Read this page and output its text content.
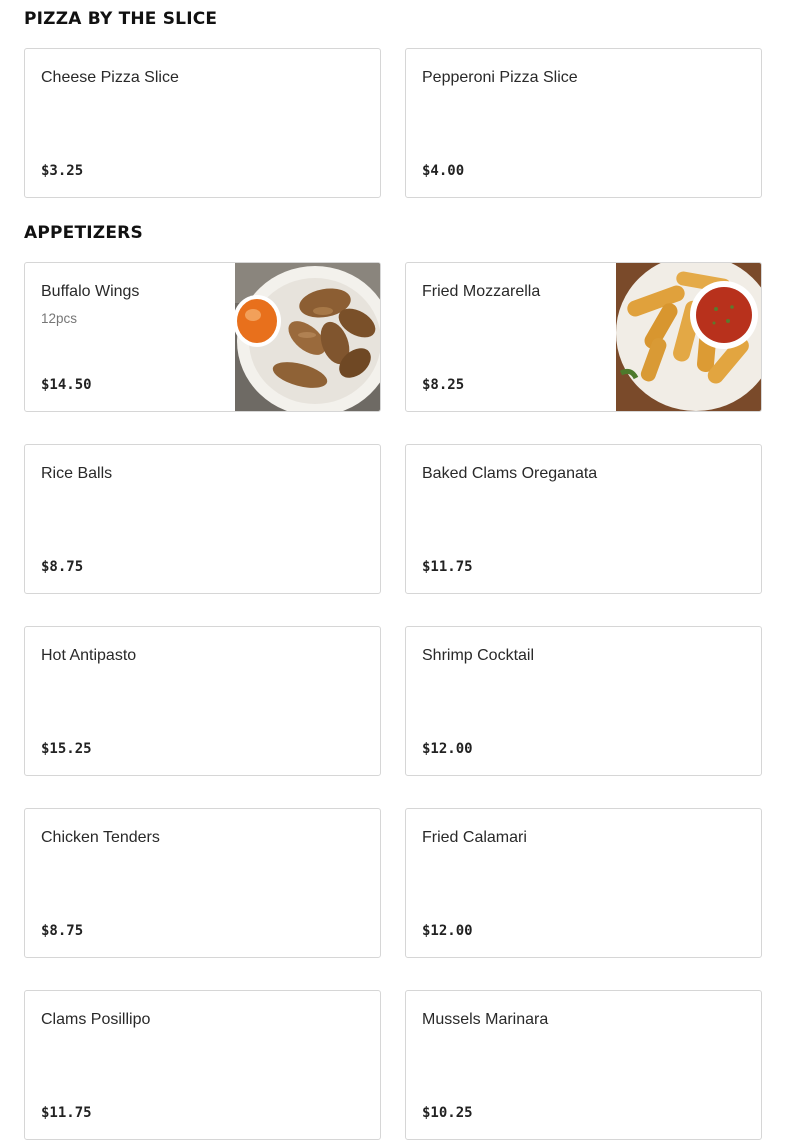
PIZZA BY THE SLICE
Cheese Pizza Slice
$3.25
Pepperoni Pizza Slice
$4.00
APPETIZERS
Buffalo Wings
12pcs
$14.50
Fried Mozzarella
$8.25
Rice Balls
$8.75
Baked Clams Oreganata
$11.75
Hot Antipasto
$15.25
Shrimp Cocktail
$12.00
Chicken Tenders
$8.75
Fried Calamari
$12.00
Clams Posillipo
$11.75
Mussels Marinara
$10.25
